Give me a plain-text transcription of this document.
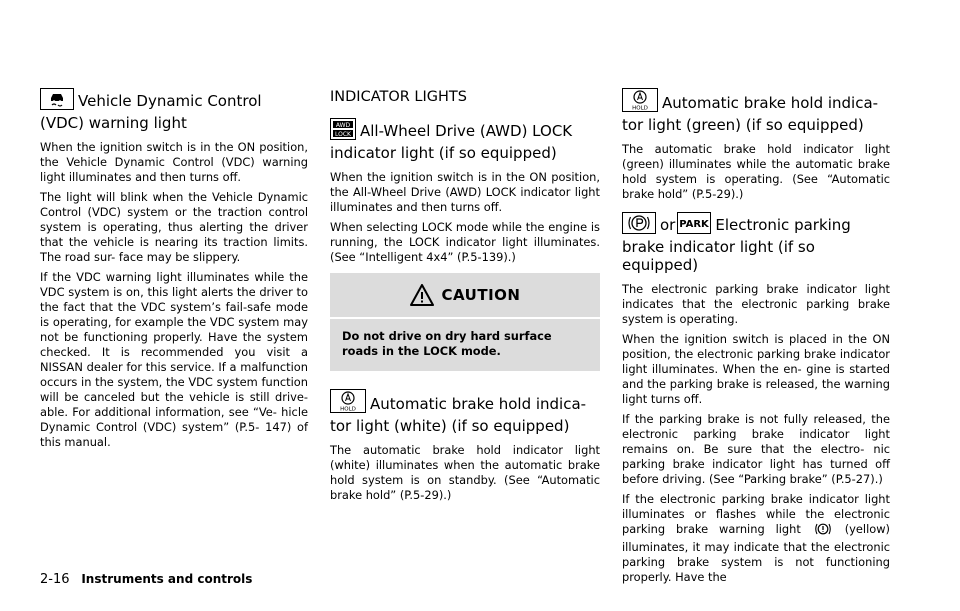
Vehicle Dynamic Control (VDC) warning light

When the ignition switch is in the ON position, the Vehicle Dynamic Control (VDC) warning light illuminates and then turns off.

The light will blink when the Vehicle Dynamic Control (VDC) system or the traction control system is operating, thus alerting the driver that the vehicle is nearing its traction limits. The road sur- face may be slippery.

If the VDC warning light illuminates while the VDC system is on, this light alerts the driver to the fact that the VDC system’s fail-safe mode is operating, for example the VDC system may not be functioning properly. Have the system checked. It is recommended you visit a NISSAN dealer for this service. If a malfunction occurs in the system, the VDC system function will be canceled but the vehicle is still drive- able. For additional information, see “Ve- hicle Dynamic Control (VDC) system” (P.5- 147) of this manual.

INDICATOR LIGHTS
AWD
LOCK All-Wheel Drive (AWD) LOCK indicator light (if so equipped)

When the ignition switch is in the ON position, the All-Wheel Drive (AWD) LOCK indicator light illuminates and then turns off.

When selecting LOCK mode while the engine is running, the LOCK indicator light illuminates. (See “Intelligent 4x4” (P.5-139).)

CAUTION
Do not drive on dry hard surface roads in the LOCK mode.
HOLD Automatic brake hold indica- tor light (white) (if so equipped)

The automatic brake hold indicator light (white) illuminates when the automatic brake hold system is on standby. (See “Automatic brake hold” (P.5-29).)

HOLD Automatic brake hold indica- tor light (green) (if so equipped)

The automatic brake hold indicator light (green) illuminates while the automatic brake hold system is operating. (See “Automatic brake hold” (P.5-29).)

or PARK Electronic parking brake indicator light (if so equipped)

The electronic parking brake indicator light indicates that the electronic parking brake system is operating.

When the ignition switch is placed in the ON position, the electronic parking brake indicator light illuminates. When the en- gine is started and the parking brake is released, the warning light turns off.

If the parking brake is not fully released, the electronic parking brake indicator light remains on. Be sure that the electro- nic parking brake indicator light has turned off before driving. (See “Parking brake” (P.5-27).)

If the electronic parking brake indicator light illuminates or flashes while the electronic parking brake warning light	(yellow) illuminates, it may indicate that the electronic parking brake system is not functioning properly. Have the

2-16 Instruments and controls
